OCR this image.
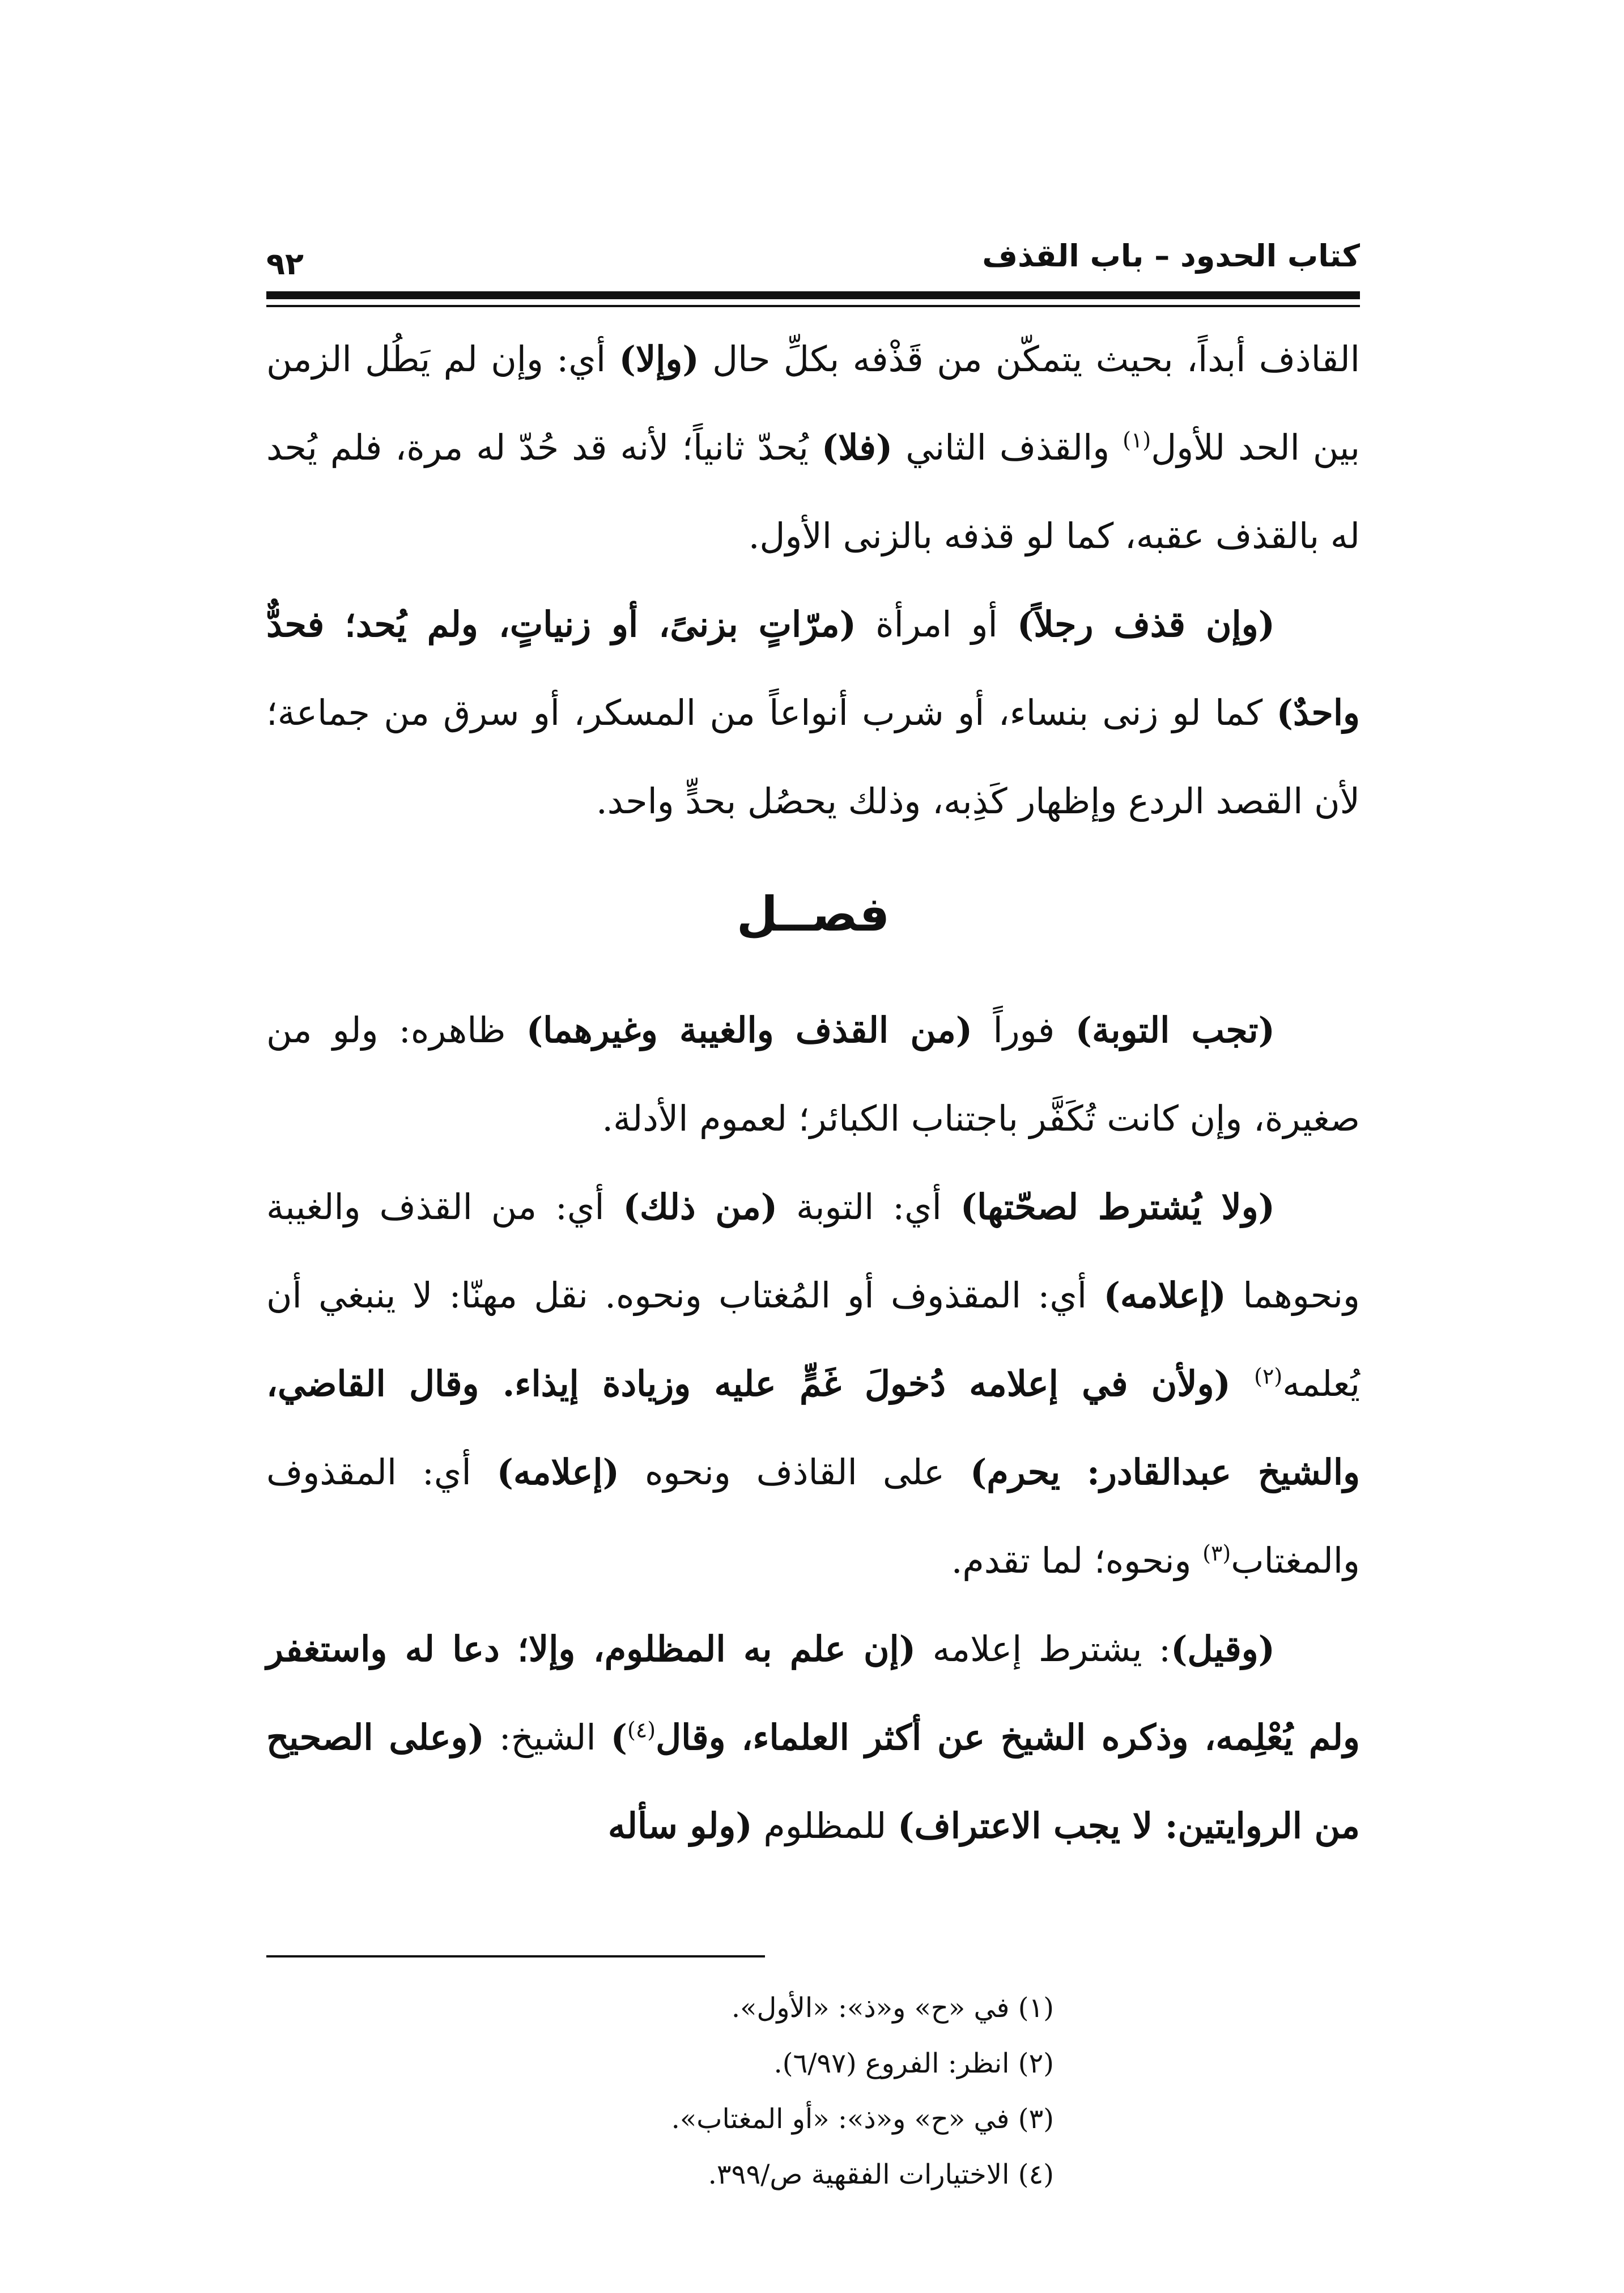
كتاب الحدود – باب القذف
٩٢

القاذف أبداً، بحيث يتمكّن من قَذْفه بكلِّ حال (وإلا) أي: وإن لم يَطُل الزمن بين الحد للأول$^{(١)}$ والقذف الثاني (فلا) يُحدّ ثانياً؛ لأنه قد حُدّ له مرة، فلم يُحد له بالقذف عقبه، كما لو قذفه بالزنى الأول.

(وإن قذف رجلاً) أو امرأة (مرّاتٍ بزنىً، أو زنياتٍ، ولم يُحد؛ فحدٌّ واحدٌ) كما لو زنى بنساء، أو شرب أنواعاً من المسكر، أو سرق من جماعة؛ لأن القصد الردع وإظهار كَذِبه، وذلك يحصُل بحدٍّ واحد.

فصــل

(تجب التوبة) فوراً (من القذف والغيبة وغيرهما) ظاهره: ولو من صغيرة، وإن كانت تُكَفَّر باجتناب الكبائر؛ لعموم الأدلة.

(ولا يُشترط لصحّتها) أي: التوبة (من ذلك) أي: من القذف والغيبة ونحوهما (إعلامه) أي: المقذوف أو المُغتاب ونحوه. نقل مهنّا: لا ينبغي أن يُعلمه$^{(٢)}$ (ولأن في إعلامه دُخولَ غَمٍّ عليه وزيادة إيذاء. وقال القاضي، والشيخ عبدالقادر: يحرم) على القاذف ونحوه (إعلامه) أي: المقذوف والمغتاب$^{(٣)}$ ونحوه؛ لما تقدم.

(وقيل): يشترط إعلامه (إن علم به المظلوم، وإلا؛ دعا له واستغفر ولم يُعْلِمه، وذكره الشيخ عن أكثر العلماء، وقال$^{(٤)}$) الشيخ: (وعلى الصحيح من الروايتين: لا يجب الاعتراف) للمظلوم (ولو سأله

(١) في «ح» و«ذ»: «الأول».
(٢) انظر: الفروع (٦/٩٧).
(٣) في «ح» و«ذ»: «أو المغتاب».
(٤) الاختيارات الفقهية ص/٣٩٩.
